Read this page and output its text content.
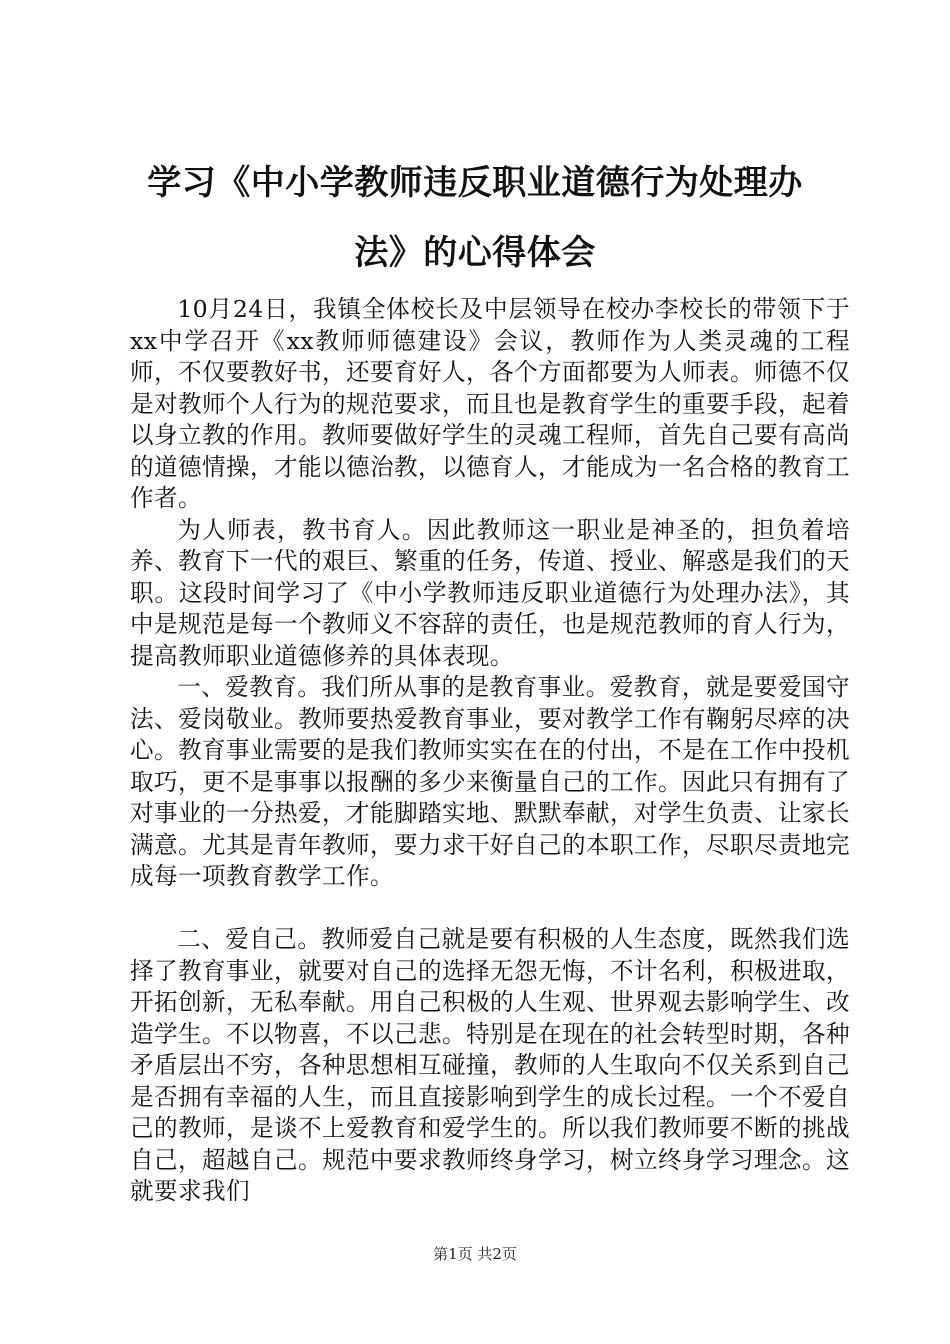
学习《中小学教师违反职业道德行为处理办
法》的心得体会

10月24日，我镇全体校长及中层领导在校办李校长的带领下于xx中学召开《xx教师师德建设》会议，教师作为人类灵魂的工程师，不仅要教好书，还要育好人，各个方面都要为人师表。师德不仅是对教师个人行为的规范要求，而且也是教育学生的重要手段，起着以身立教的作用。教师要做好学生的灵魂工程师，首先自己要有高尚的道德情操，才能以德治教，以德育人，才能成为一名合格的教育工作者。

为人师表，教书育人。因此教师这一职业是神圣的，担负着培养、教育下一代的艰巨、繁重的任务，传道、授业、解惑是我们的天职。这段时间学习了《中小学教师违反职业道德行为处理办法》，其中是规范是每一个教师义不容辞的责任，也是规范教师的育人行为，提高教师职业道德修养的具体表现。

一、爱教育。我们所从事的是教育事业。爱教育，就是要爱国守法、爱岗敬业。教师要热爱教育事业，要对教学工作有鞠躬尽瘁的决心。教育事业需要的是我们教师实实在在的付出，不是在工作中投机取巧，更不是事事以报酬的多少来衡量自己的工作。因此只有拥有了对事业的一分热爱，才能脚踏实地、默默奉献，对学生负责、让家长满意。尤其是青年教师，要力求干好自己的本职工作，尽职尽责地完成每一项教育教学工作。

二、爱自己。教师爱自己就是要有积极的人生态度，既然我们选择了教育事业，就要对自己的选择无怨无悔，不计名利，积极进取，开拓创新，无私奉献。用自己积极的人生观、世界观去影响学生、改造学生。不以物喜，不以己悲。特别是在现在的社会转型时期，各种矛盾层出不穷，各种思想相互碰撞，教师的人生取向不仅关系到自己是否拥有幸福的人生，而且直接影响到学生的成长过程。一个不爱自己的教师，是谈不上爱教育和爱学生的。所以我们教师要不断的挑战自己，超越自己。规范中要求教师终身学习，树立终身学习理念。这就要求我们

第1页 共2页
